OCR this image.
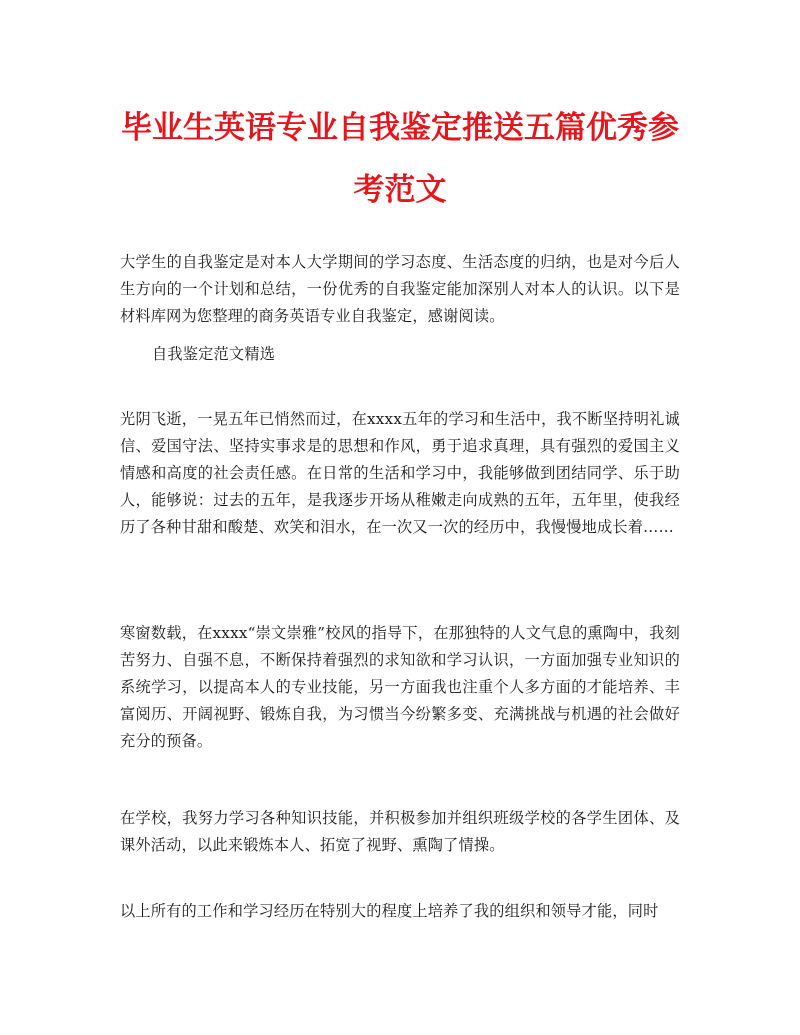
毕业生英语专业自我鉴定推送五篇优秀参考范文
大学生的自我鉴定是对本人大学期间的学习态度、生活态度的归纳，也是对今后人生方向的一个计划和总结，一份优秀的自我鉴定能加深别人对本人的认识。以下是材料库网为您整理的商务英语专业自我鉴定，感谢阅读。
自我鉴定范文精选
光阴飞逝，一晃五年已悄然而过，在xxxx五年的学习和生活中，我不断坚持明礼诚信、爱国守法、坚持实事求是的思想和作风，勇于追求真理，具有强烈的爱国主义情感和高度的社会责任感。在日常的生活和学习中，我能够做到团结同学、乐于助人，能够说：过去的五年，是我逐步开场从稚嫩走向成熟的五年，五年里，使我经历了各种甘甜和酸楚、欢笑和泪水，在一次又一次的经历中，我慢慢地成长着……
寒窗数载，在xxxx“崇文崇雅”校风的指导下，在那独特的人文气息的熏陶中，我刻苦努力、自强不息，不断保持着强烈的求知欲和学习认识，一方面加强专业知识的系统学习，以提高本人的专业技能，另一方面我也注重个人多方面的才能培养、丰富阅历、开阔视野、锻炼自我，为习惯当今纷繁多变、充满挑战与机遇的社会做好充分的预备。
在学校，我努力学习各种知识技能，并积极参加并组织班级学校的各学生团体、及课外活动，以此来锻炼本人、拓宽了视野、熏陶了情操。
以上所有的工作和学习经历在特别大的程度上培养了我的组织和领导才能，同时
